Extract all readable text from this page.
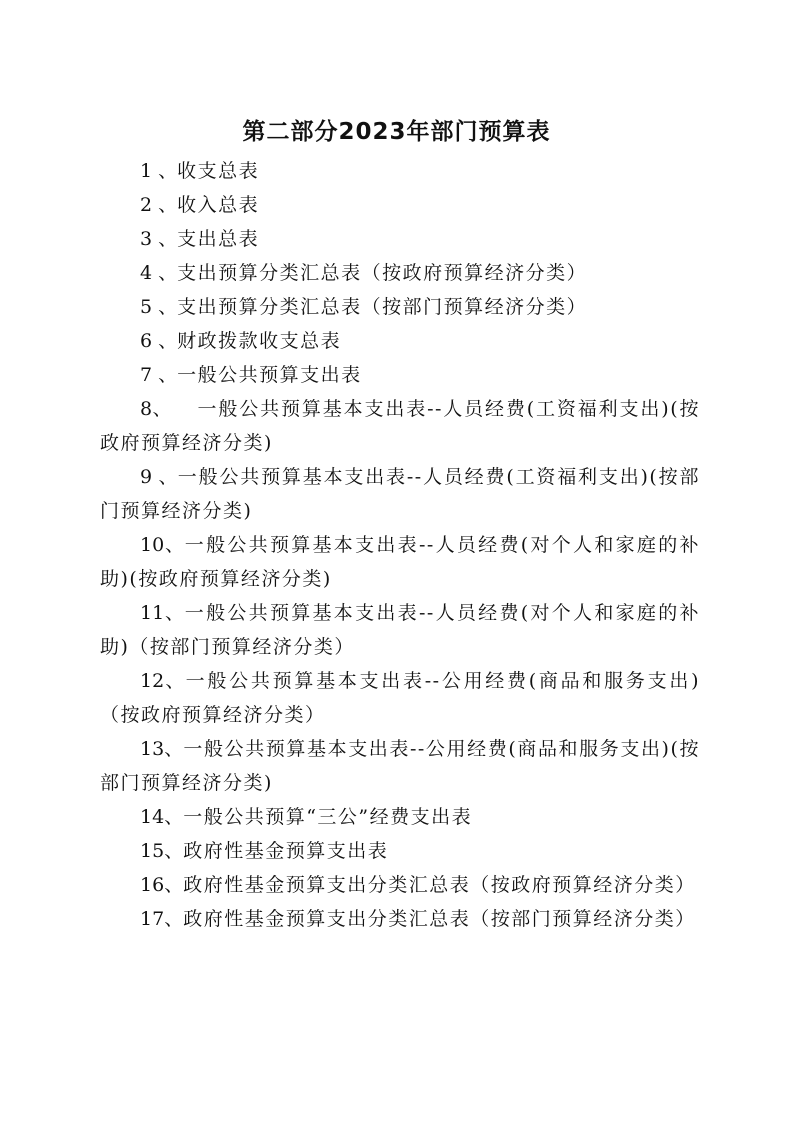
第二部分2023年部门预算表
1 、收支总表
2 、收入总表
3 、支出总表
4 、支出预算分类汇总表（按政府预算经济分类）
5 、支出预算分类汇总表（按部门预算经济分类）
6 、财政拨款收支总表
7 、一般公共预算支出表
8、    一般公共预算基本支出表--人员经费(工资福利支出)(按政府预算经济分类)
9 、一般公共预算基本支出表--人员经费(工资福利支出)(按部门预算经济分类)
10、一般公共预算基本支出表--人员经费(对个人和家庭的补助)(按政府预算经济分类)
11、一般公共预算基本支出表--人员经费(对个人和家庭的补助)（按部门预算经济分类）
12、一般公共预算基本支出表--公用经费(商品和服务支出)（按政府预算经济分类）
13、一般公共预算基本支出表--公用经费(商品和服务支出)(按部门预算经济分类)
14、一般公共预算“三公”经费支出表
15、政府性基金预算支出表
16、政府性基金预算支出分类汇总表（按政府预算经济分类）
17、政府性基金预算支出分类汇总表（按部门预算经济分类）
